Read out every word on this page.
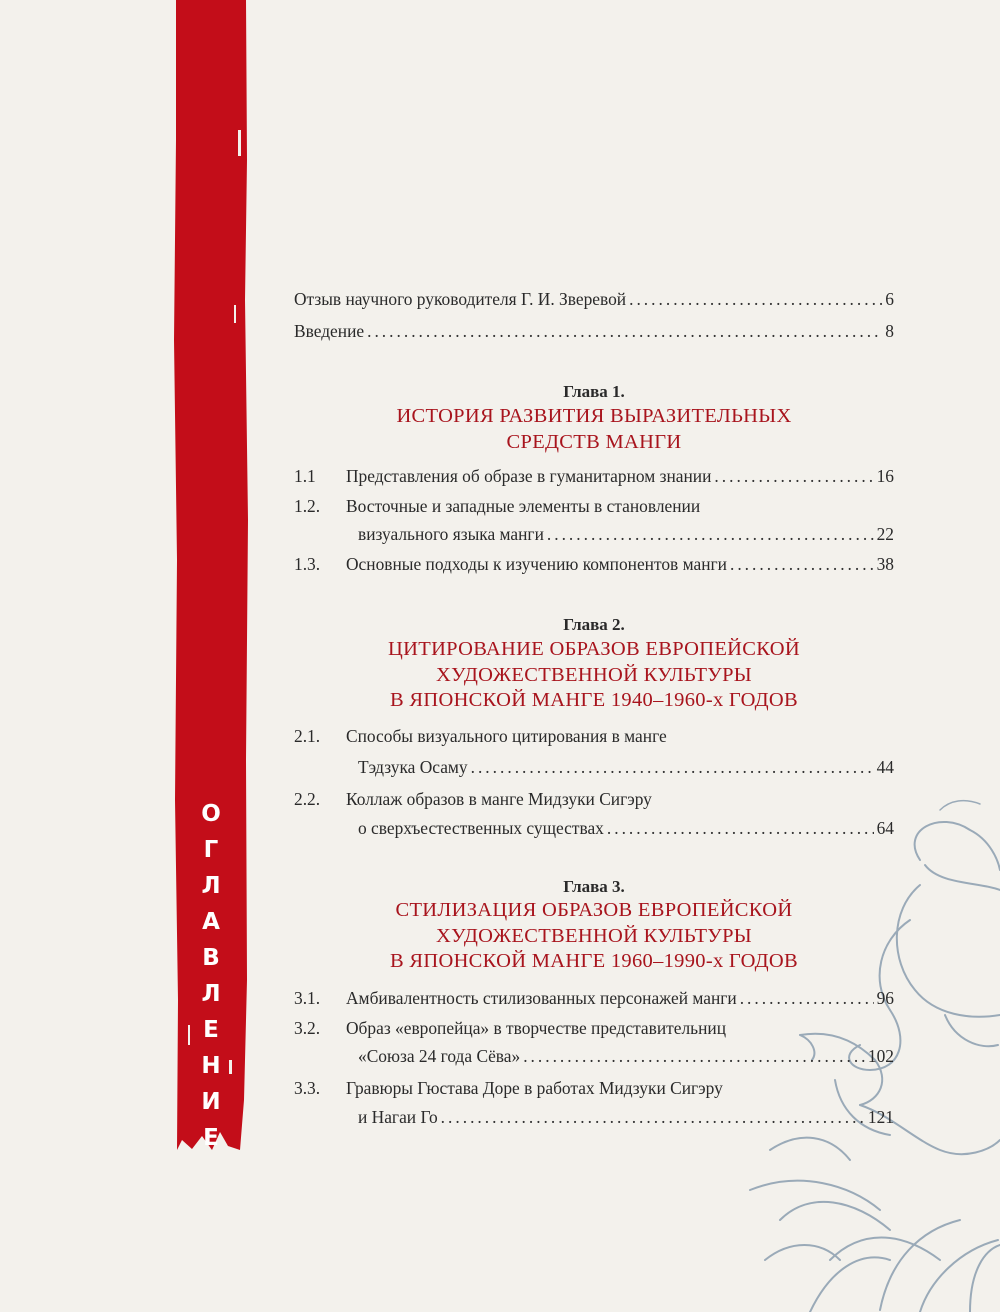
О
Г
Л
А
В
Л
Е
Н
И
Е
Отзыв научного руководителя Г. И. Зверевой .....	6
Введение .....	8
Глава 1.
ИСТОРИЯ РАЗВИТИЯ ВЫРАЗИТЕЛЬНЫХ
СРЕДСТВ МАНГИ
1.1	Представления об образе в гуманитарном знании .....	16
1.2.	Восточные и западные элементы в становлении
визуального языка манги .....	22
1.3.	Основные подходы к изучению компонентов манги .....	38
Глава 2.
ЦИТИРОВАНИЕ ОБРАЗОВ ЕВРОПЕЙСКОЙ
ХУДОЖЕСТВЕННОЙ КУЛЬТУРЫ
В ЯПОНСКОЙ МАНГЕ 1940–1960-х ГОДОВ
2.1.	Способы визуального цитирования в манге
Тэдзука Осаму .....	44
2.2.	Коллаж образов в манге Мидзуки Сигэру
о сверхъестественных существах .....	64
Глава 3.
СТИЛИЗАЦИЯ ОБРАЗОВ ЕВРОПЕЙСКОЙ
ХУДОЖЕСТВЕННОЙ КУЛЬТУРЫ
В ЯПОНСКОЙ МАНГЕ 1960–1990-х ГОДОВ
3.1.	Амбивалентность стилизованных персонажей манги .....	96
3.2.	Образ «европейца» в творчестве представительниц
«Союза 24 года Сёва» .....	102
3.3.	Гравюры Гюстава Доре в работах Мидзуки Сигэру
и Нагаи Го .....	121
